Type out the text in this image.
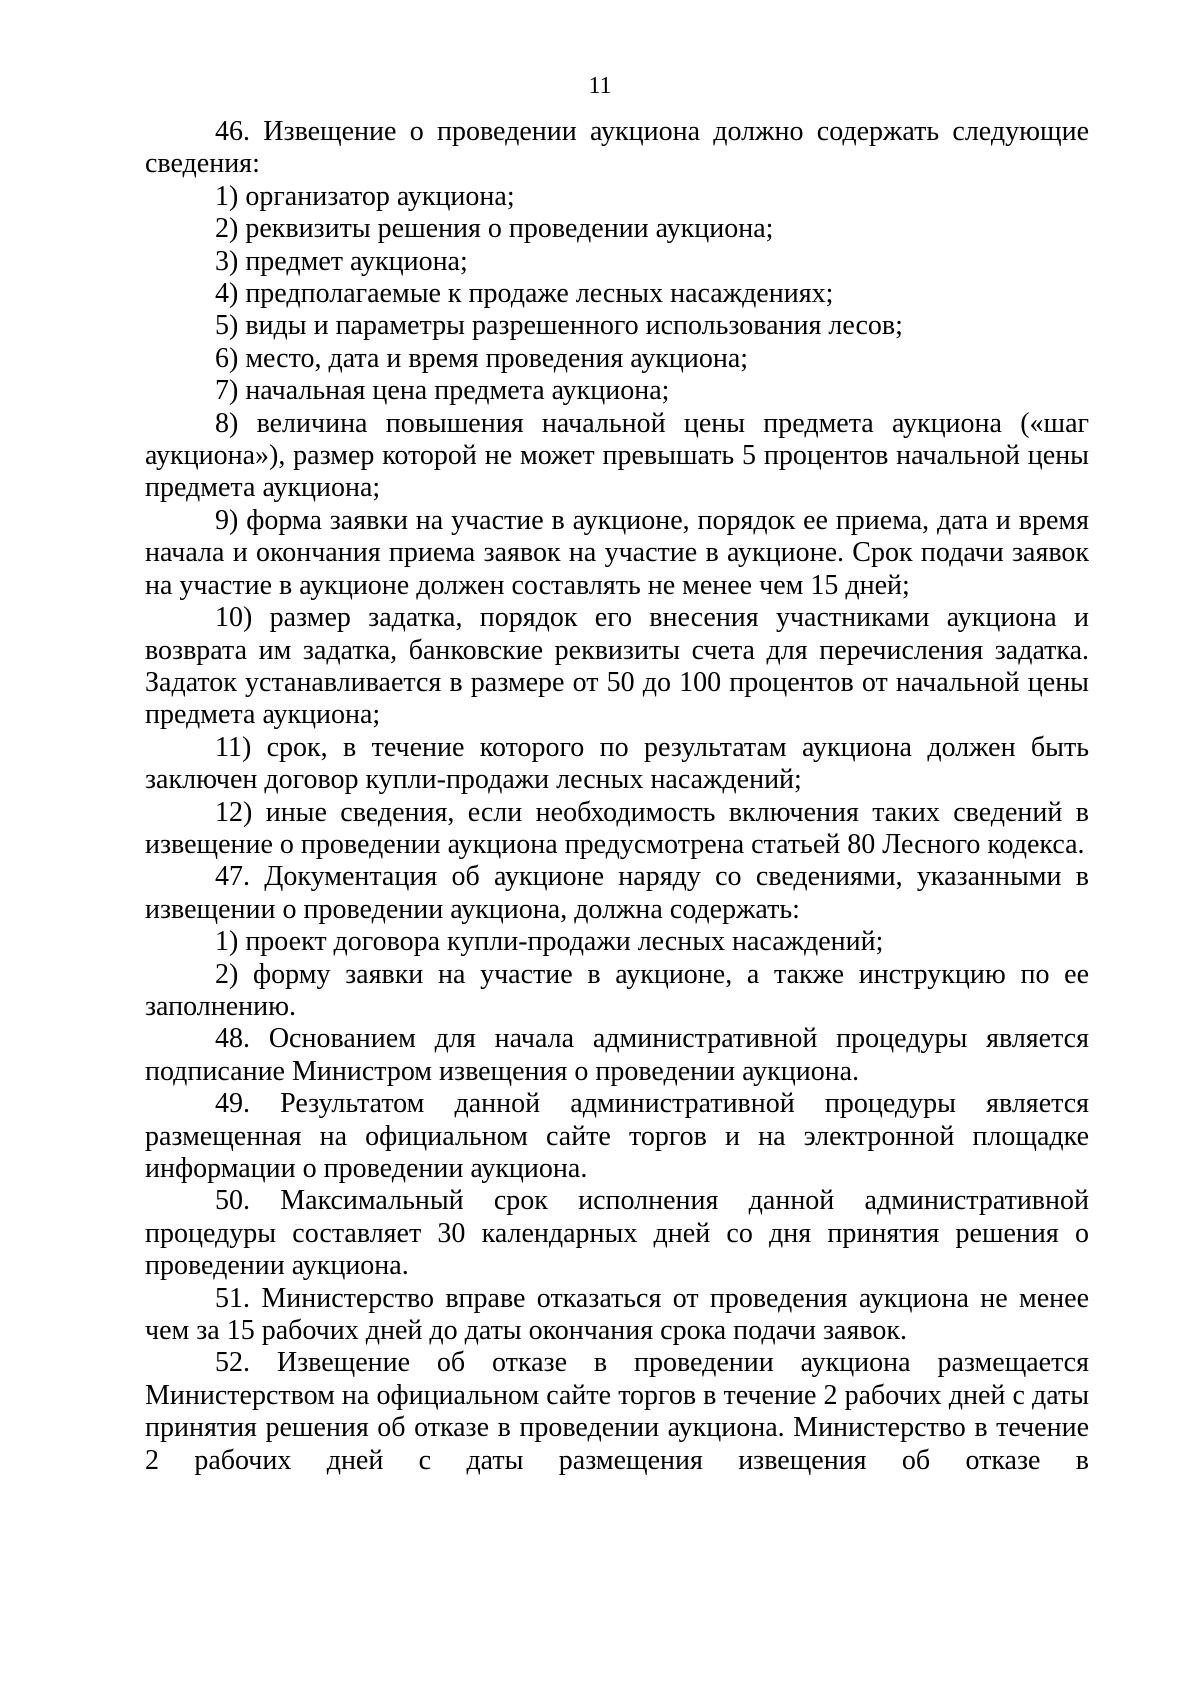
11

46. Извещение о проведении аукциона должно содержать следующие сведения:

1) организатор аукциона;

2) реквизиты решения о проведении аукциона;

3) предмет аукциона;

4) предполагаемые к продаже лесных насаждениях;

5) виды и параметры разрешенного использования лесов;

6) место, дата и время проведения аукциона;

7) начальная цена предмета аукциона;

8) величина повышения начальной цены предмета аукциона («шаг аукциона»), размер которой не может превышать 5 процентов начальной цены предмета аукциона;

9) форма заявки на участие в аукционе, порядок ее приема, дата и время начала и окончания приема заявок на участие в аукционе. Срок подачи заявок на участие в аукционе должен составлять не менее чем 15 дней;

10) размер задатка, порядок его внесения участниками аукциона и возврата им задатка, банковские реквизиты счета для перечисления задатка. Задаток устанавливается в размере от 50 до 100 процентов от начальной цены предмета аукциона;

11) срок, в течение которого по результатам аукциона должен быть заключен договор купли-продажи лесных насаждений;

12) иные сведения, если необходимость включения таких сведений в извещение о проведении аукциона предусмотрена статьей 80 Лесного кодекса.

47. Документация об аукционе наряду со сведениями, указанными в извещении о проведении аукциона, должна содержать:

1) проект договора купли-продажи лесных насаждений;

2) форму заявки на участие в аукционе, а также инструкцию по ее заполнению.

48. Основанием для начала административной процедуры является подписание Министром извещения о проведении аукциона.

49. Результатом данной административной процедуры является размещенная на официальном сайте торгов и на электронной площадке информации о проведении аукциона.

50. Максимальный срок исполнения данной административной процедуры составляет 30 календарных дней со дня принятия решения о проведении аукциона.

51. Министерство вправе отказаться от проведения аукциона не менее чем за 15 рабочих дней до даты окончания срока подачи заявок.

52. Извещение об отказе в проведении аукциона размещается Министерством на официальном сайте торгов в течение 2 рабочих дней с даты принятия решения об отказе в проведении аукциона. Министерство в течение 2 рабочих дней с даты размещения извещения об отказе в
